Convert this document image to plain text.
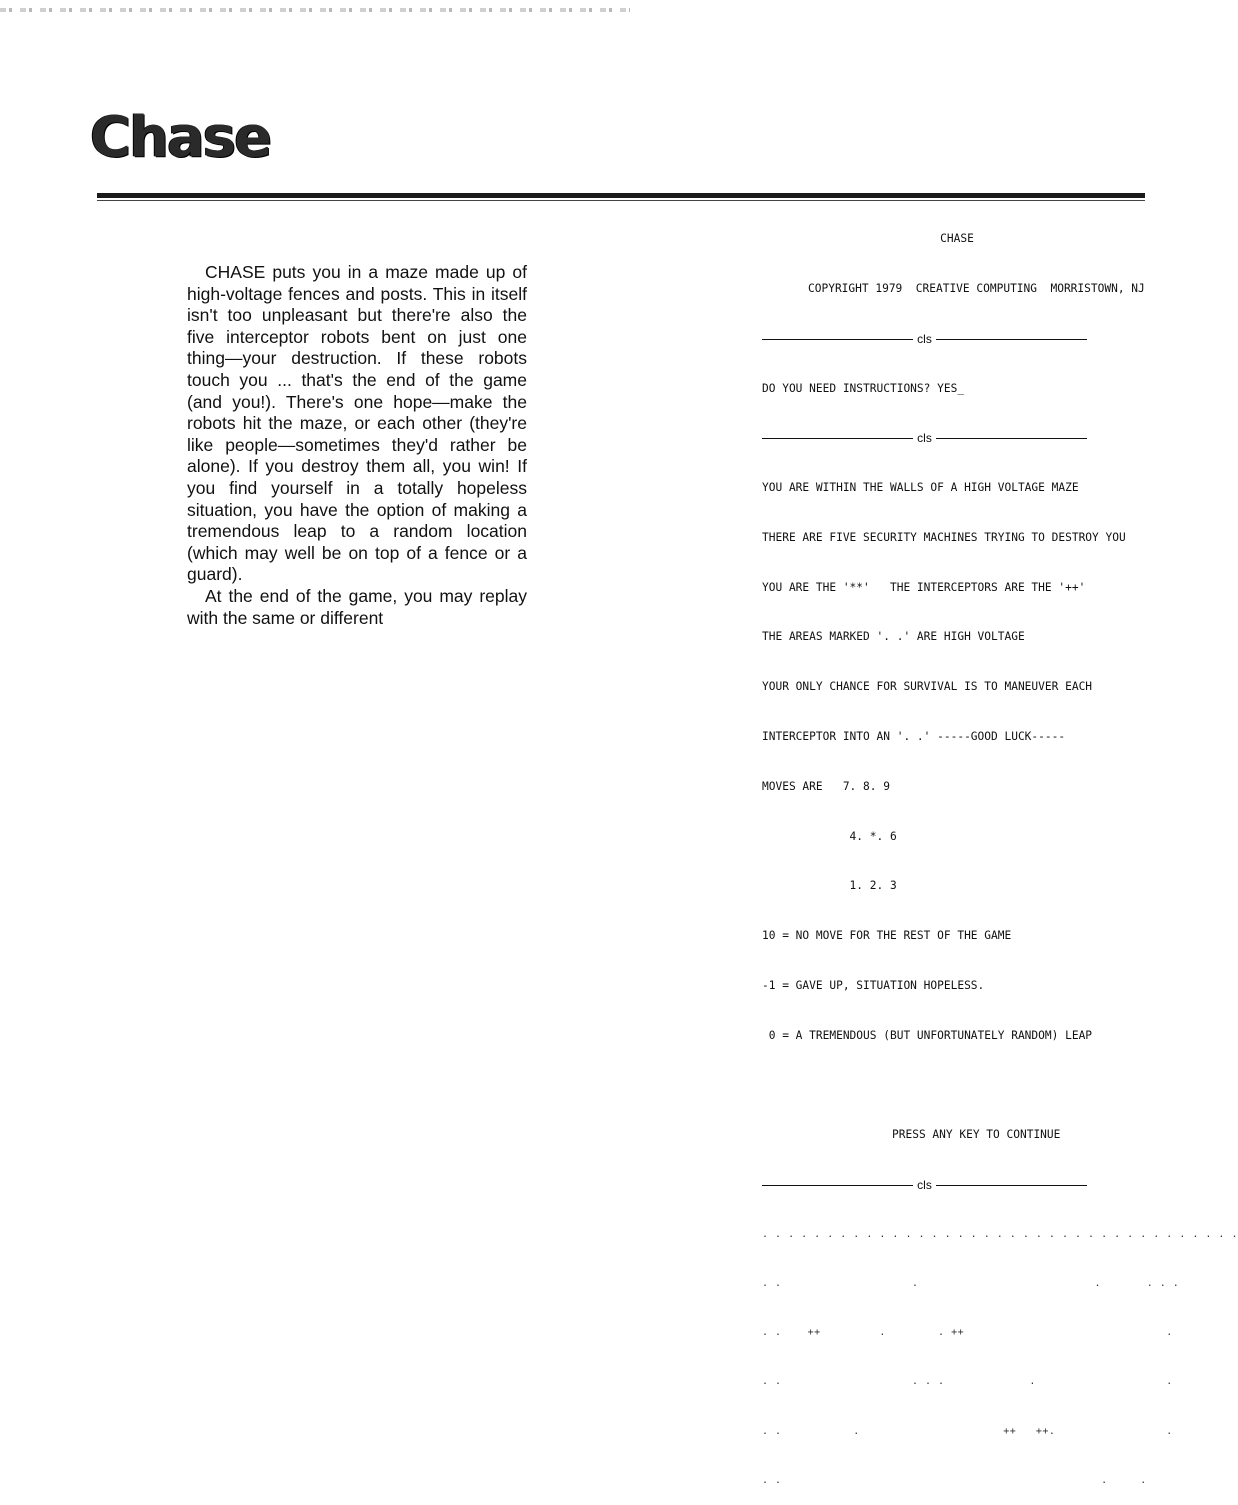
Chase

CHASE puts you in a maze made up of high-voltage fences and posts. This in itself isn't too unpleasant but there're also the five interceptor robots bent on just one thing—your destruction. If these robots touch you ... that's the end of the game (and you!). There's one hope—make the robots hit the maze, or each other (they're like people—sometimes they'd rather be alone). If you destroy them all, you win! If you find yourself in a totally hopeless situation, you have the option of making a tremendous leap to a random location (which may well be on top of a fence or a guard).

At the end of the game, you may replay with the same or different

CHASE

COPYRIGHT 1979  CREATIVE COMPUTING  MORRISTOWN, NJ

cls

DO YOU NEED INSTRUCTIONS? YES_

cls

YOU ARE WITHIN THE WALLS OF A HIGH VOLTAGE MAZE

THERE ARE FIVE SECURITY MACHINES TRYING TO DESTROY YOU

YOU ARE THE '**'   THE INTERCEPTORS ARE THE '++'

THE AREAS MARKED '. .' ARE HIGH VOLTAGE

YOUR ONLY CHANCE FOR SURVIVAL IS TO MANEUVER EACH

INTERCEPTOR INTO AN '. .' -----GOOD LUCK-----

MOVES ARE   7. 8. 9

4. *. 6

1. 2. 3

10 = NO MOVE FOR THE REST OF THE GAME

-1 = GAVE UP, SITUATION HOPELESS.

0 = A TREMENDOUS (BUT UNFORTUNATELY RANDOM) LEAP

PRESS ANY KEY TO CONTINUE

cls

. . . . . . . . . . . . . . . . . . . . . . . . . . . . . . . . . . . . .

. .                    .                           .       . . .

. .    ++         .        . ++                               .

. .                    . . .             .                    .

. .           .                      ++   ++.                 .

. .                                                 .     .
